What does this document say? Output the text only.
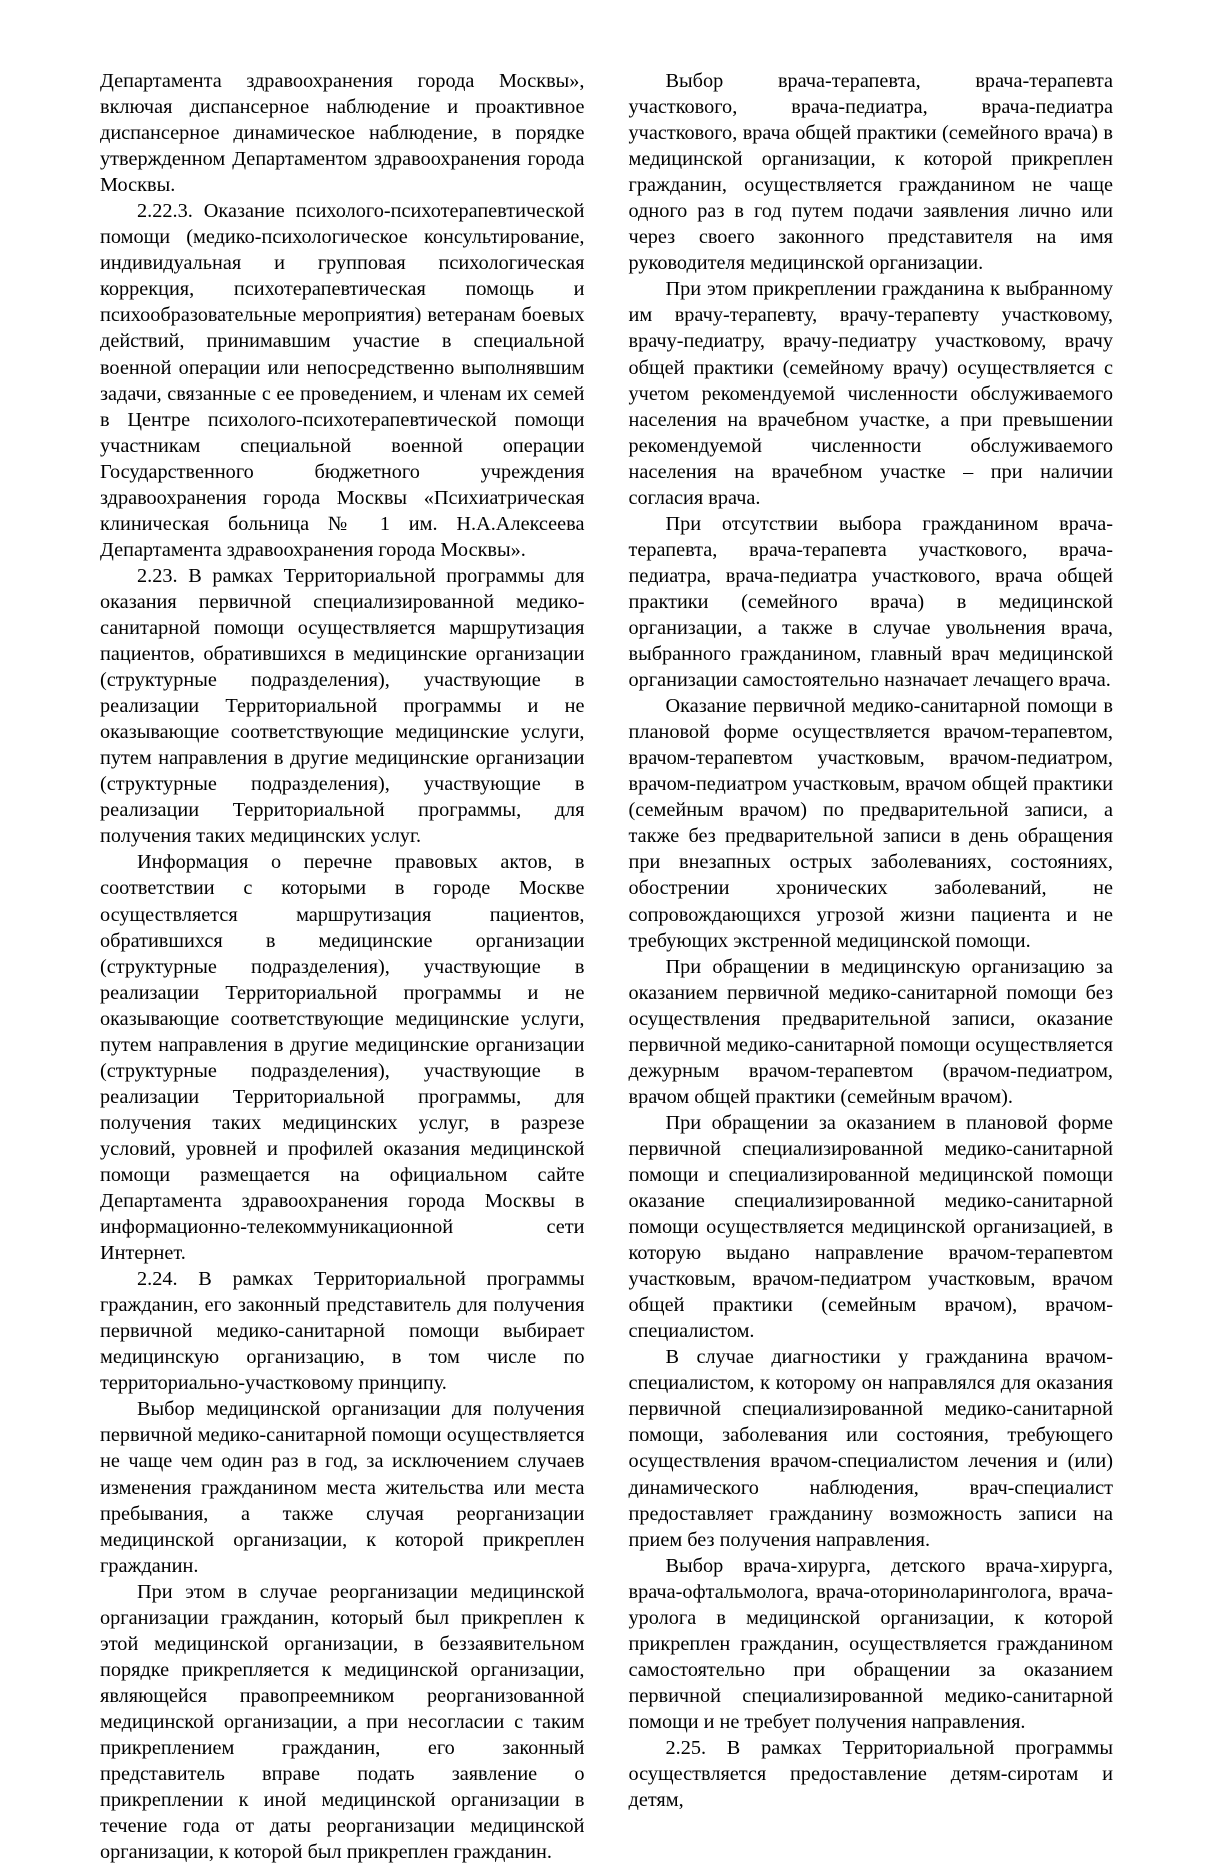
Департамента здравоохранения города Москвы», включая диспансерное наблюдение и проактивное диспансерное динамическое наблюдение, в порядке утвержденном Департаментом здравоохранения города Москвы.

2.22.3. Оказание психолого-психотерапевтической помощи (медико-психологическое консультирование, индивидуальная и групповая психологическая коррекция, психотерапевтическая помощь и психообразовательные мероприятия) ветеранам боевых действий, принимавшим участие в специальной военной операции или непосредственно выполнявшим задачи, связанные с ее проведением, и членам их семей в Центре психолого-психотерапевтической помощи участникам специальной военной операции Государственного бюджетного учреждения здравоохранения города Москвы «Психиатрическая клиническая больница № 1 им. Н.А.Алексеева Департамента здравоохранения города Москвы».

2.23. В рамках Территориальной программы для оказания первичной специализированной медико-санитарной помощи осуществляется маршрутизация пациентов, обратившихся в медицинские организации (структурные подразделения), участвующие в реализации Территориальной программы и не оказывающие соответствующие медицинские услуги, путем направления в другие медицинские организации (структурные подразделения), участвующие в реализации Территориальной программы, для получения таких медицинских услуг.

Информация о перечне правовых актов, в соответствии с которыми в городе Москве осуществляется маршрутизация пациентов, обратившихся в медицинские организации (структурные подразделения), участвующие в реализации Территориальной программы и не оказывающие соответствующие медицинские услуги, путем направления в другие медицинские организации (структурные подразделения), участвующие в реализации Территориальной программы, для получения таких медицинских услуг, в разрезе условий, уровней и профилей оказания медицинской помощи размещается на официальном сайте Департамента здравоохранения города Москвы в информационно-телекоммуникационной сети Интернет.

2.24. В рамках Территориальной программы гражданин, его законный представитель для получения первичной медико-санитарной помощи выбирает медицинскую организацию, в том числе по территориально-участковому принципу.

Выбор медицинской организации для получения первичной медико-санитарной помощи осуществляется не чаще чем один раз в год, за исключением случаев изменения гражданином места жительства или места пребывания, а также случая реорганизации медицинской организации, к которой прикреплен гражданин.

При этом в случае реорганизации медицинской организации гражданин, который был прикреплен к этой медицинской организации, в беззаявительном порядке прикрепляется к медицинской организации, являющейся правопреемником реорганизованной медицинской организации, а при несогласии с таким прикреплением гражданин, его законный представитель вправе подать заявление о прикреплении к иной медицинской организации в течение года от даты реорганизации медицинской организации, к которой был прикреплен гражданин.

Выбор врача-терапевта, врача-терапевта участкового, врача-педиатра, врача-педиатра участкового, врача общей практики (семейного врача) в медицинской организации, к которой прикреплен гражданин, осуществляется гражданином не чаще одного раз в год путем подачи заявления лично или через своего законного представителя на имя руководителя медицинской организации.

При этом прикреплении гражданина к выбранному им врачу-терапевту, врачу-терапевту участковому, врачу-педиатру, врачу-педиатру участковому, врачу общей практики (семейному врачу) осуществляется с учетом рекомендуемой численности обслуживаемого населения на врачебном участке, а при превышении рекомендуемой численности обслуживаемого населения на врачебном участке – при наличии согласия врача.

При отсутствии выбора гражданином врача-терапевта, врача-терапевта участкового, врача-педиатра, врача-педиатра участкового, врача общей практики (семейного врача) в медицинской организации, а также в случае увольнения врача, выбранного гражданином, главный врач медицинской организации самостоятельно назначает лечащего врача.

Оказание первичной медико-санитарной помощи в плановой форме осуществляется врачом-терапевтом, врачом-терапевтом участковым, врачом-педиатром, врачом-педиатром участковым, врачом общей практики (семейным врачом) по предварительной записи, а также без предварительной записи в день обращения при внезапных острых заболеваниях, состояниях, обострении хронических заболеваний, не сопровождающихся угрозой жизни пациента и не требующих экстренной медицинской помощи.

При обращении в медицинскую организацию за оказанием первичной медико-санитарной помощи без осуществления предварительной записи, оказание первичной медико-санитарной помощи осуществляется дежурным врачом-терапевтом (врачом-педиатром, врачом общей практики (семейным врачом).

При обращении за оказанием в плановой форме первичной специализированной медико-санитарной помощи и специализированной медицинской помощи оказание специализированной медико-санитарной помощи осуществляется медицинской организацией, в которую выдано направление врачом-терапевтом участковым, врачом-педиатром участковым, врачом общей практики (семейным врачом), врачом-специалистом.

В случае диагностики у гражданина врачом-специалистом, к которому он направлялся для оказания первичной специализированной медико-санитарной помощи, заболевания или состояния, требующего осуществления врачом-специалистом лечения и (или) динамического наблюдения, врач-специалист предоставляет гражданину возможность записи на прием без получения направления.

Выбор врача-хирурга, детского врача-хирурга, врача-офтальмолога, врача-оториноларинголога, врача-уролога в медицинской организации, к которой прикреплен гражданин, осуществляется гражданином самостоятельно при обращении за оказанием первичной специализированной медико-санитарной помощи и не требует получения направления.

2.25. В рамках Территориальной программы осуществляется предоставление детям-сиротам и детям,
